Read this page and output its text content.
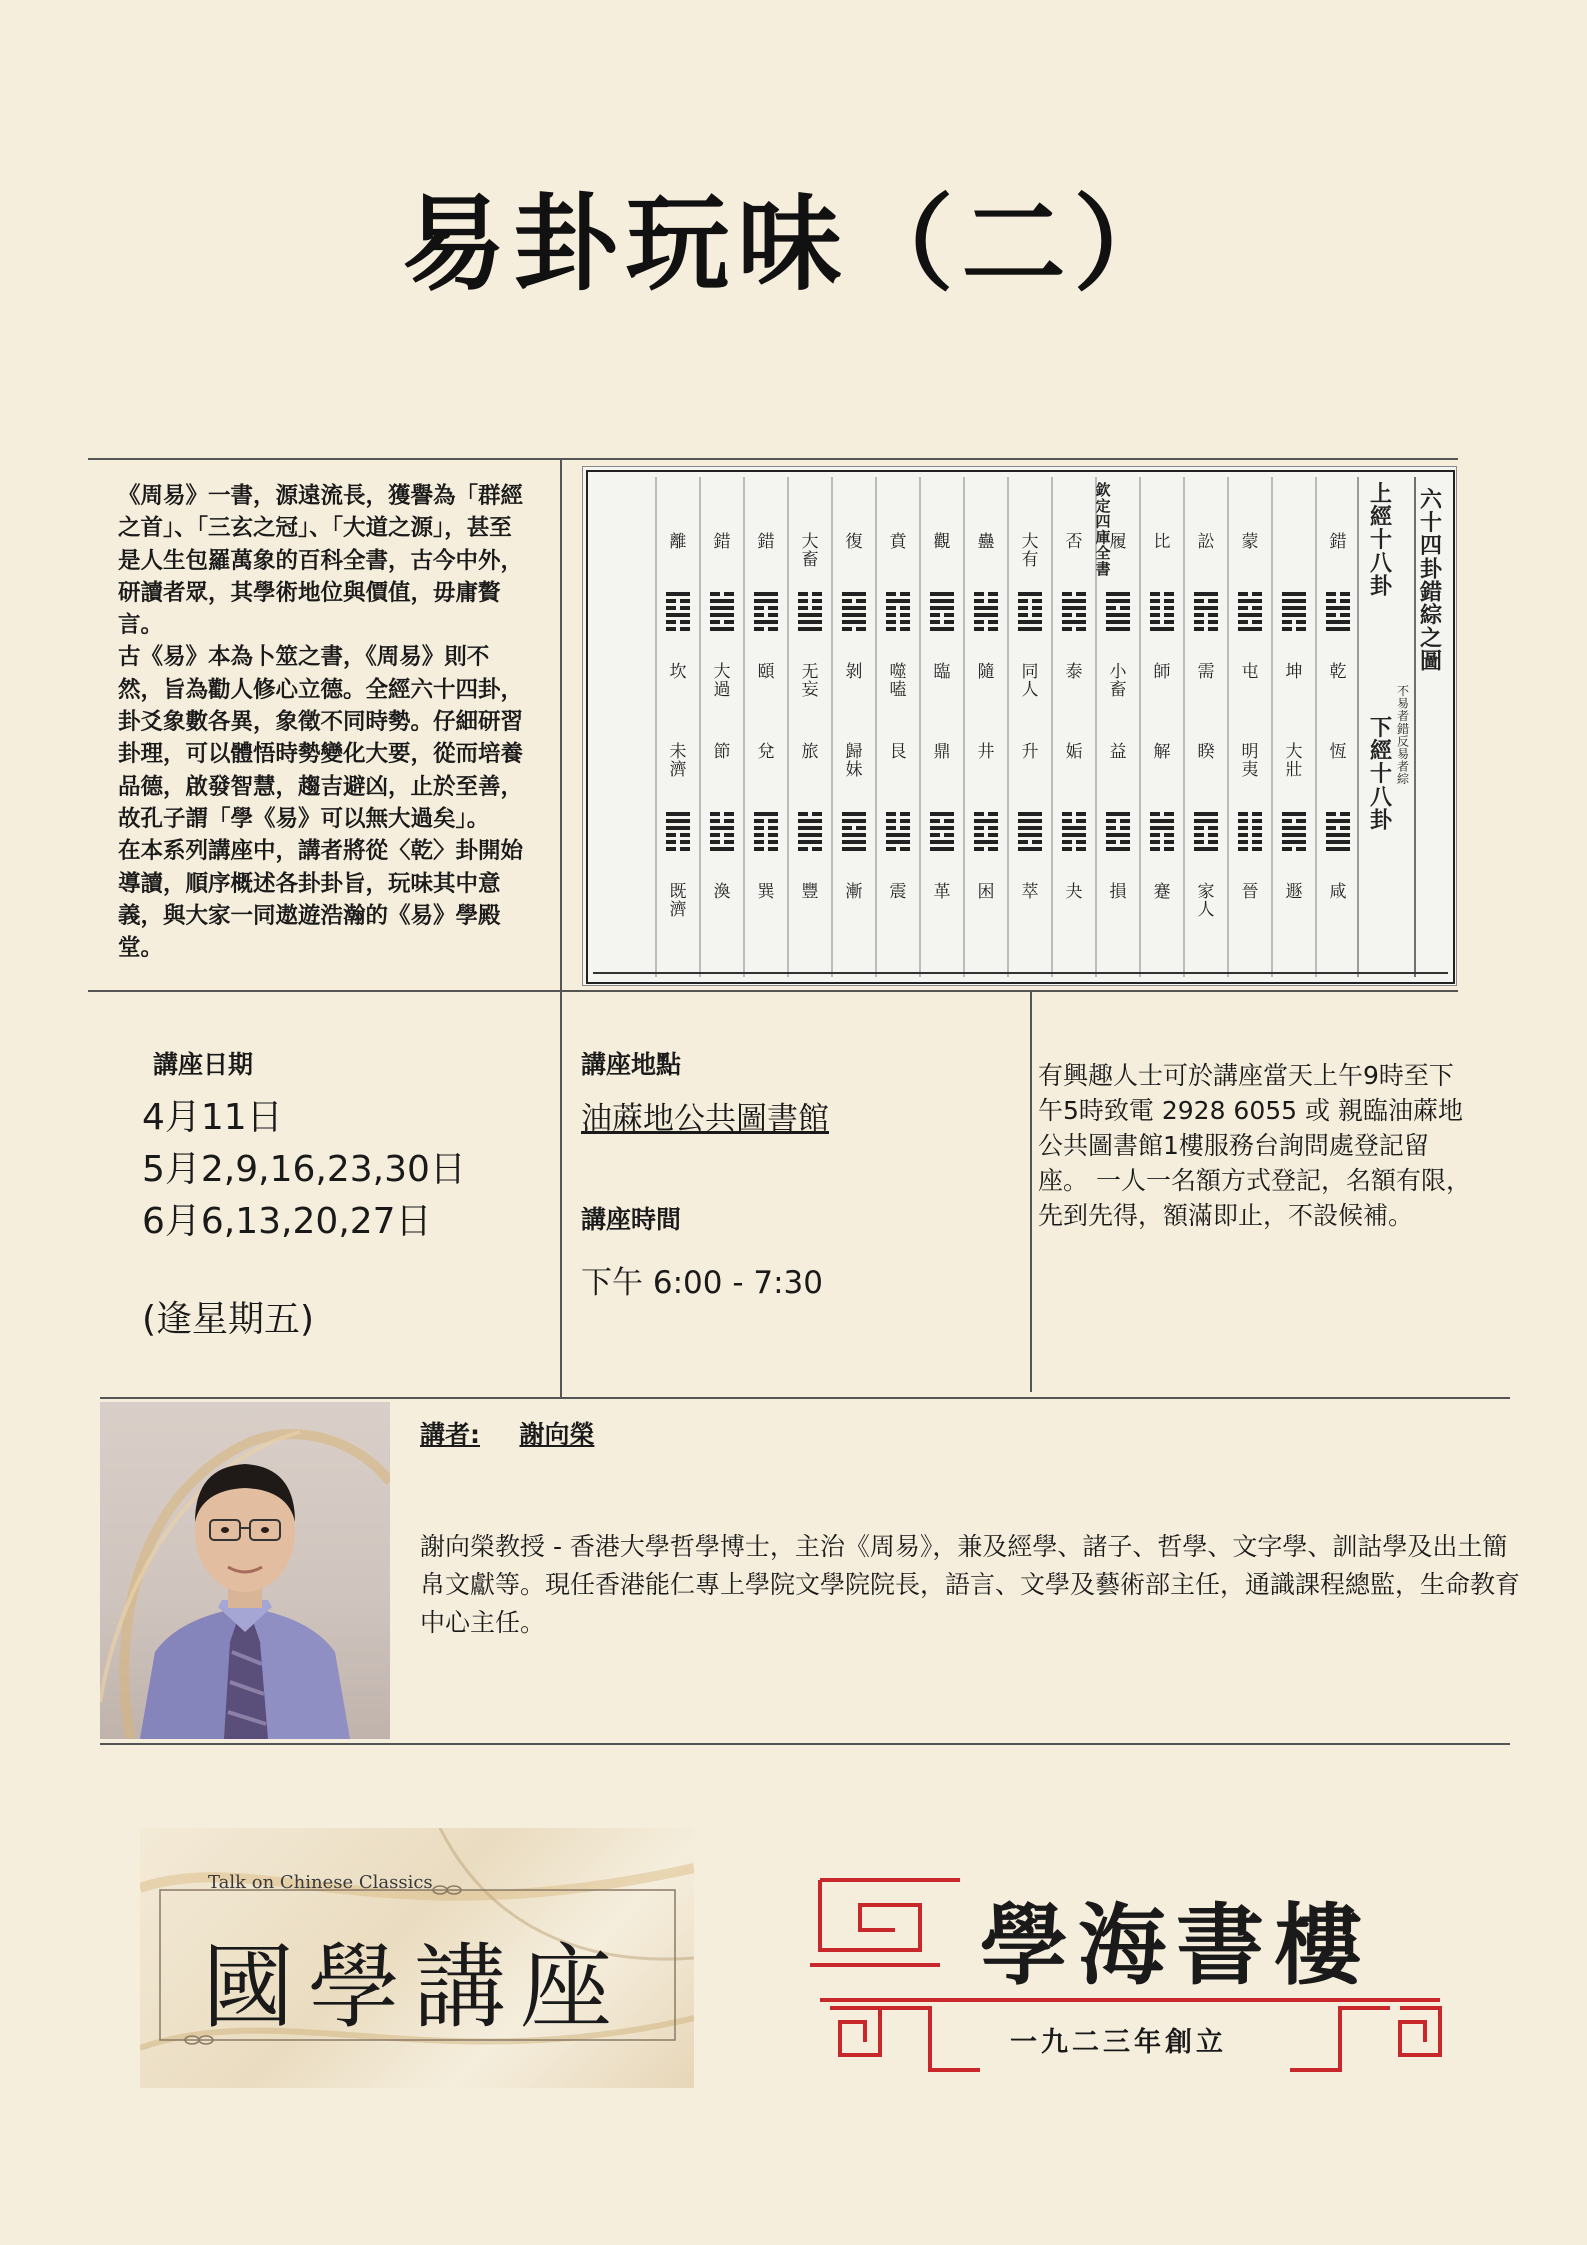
易卦玩味（二）

《周易》一書，源遠流長，獲譽為「群經之首」、「三玄之冠」、「大道之源」，甚至是人生包羅萬象的百科全書，古今中外，研讀者眾，其學術地位與價值，毋庸贅言。

古《易》本為卜筮之書，《周易》則不然，旨為勸人修心立德。全經六十四卦，卦爻象數各異，象徵不同時勢。仔細研習卦理，可以體悟時勢變化大要，從而培養品德，啟發智慧，趨吉避凶，止於至善，故孔子謂「學《易》可以無大過矣」。

在本系列講座中，講者將從〈乾〉卦開始導讀，順序概述各卦卦旨，玩味其中意義，與大家一同遨遊浩瀚的《易》學殿堂。

六十四卦錯綜之圖
不易者錯反易者綜
上經十八卦
下經十八卦
欽定四庫全書
錯
乾
恆
咸
坤
大壯
遯
蒙
屯
明夷
晉
訟
需
睽
家人
比
師
解
蹇
履
小畜
益
損
否
泰
姤
夬
大有
同人
升
萃
蠱
隨
井
困
觀
臨
鼎
革
賁
噬嗑
艮
震
復
剝
歸妹
漸
大畜
无妄
旅
豐
錯
頤
兌
巽
錯
大過
節
渙
離
坎
未濟
既濟
講座日期
4月11日
5月2,9,16,23,30日
6月6,13,20,27日
(逢星期五)
講座地點
油蔴地公共圖書館
講座時間
下午 6:00 - 7:30
有興趣人士可於講座當天上午9時至下午5時致電 2928 6055 或 親臨油蔴地公共圖書館1樓服務台詢問處登記留座。 一人一名額方式登記，名額有限，先到先得，額滿即止，不設候補。
講者: 謝向榮
謝向榮教授 - 香港大學哲學博士，主治《周易》，兼及經學、諸子、哲學、文字學、訓詁學及出土簡帛文獻等。現任香港能仁專上學院文學院院長，語言、文學及藝術部主任，通識課程總監，生命教育中心主任。
Talk on Chinese Classics
國學講座	學海書樓
一九二三年創立
